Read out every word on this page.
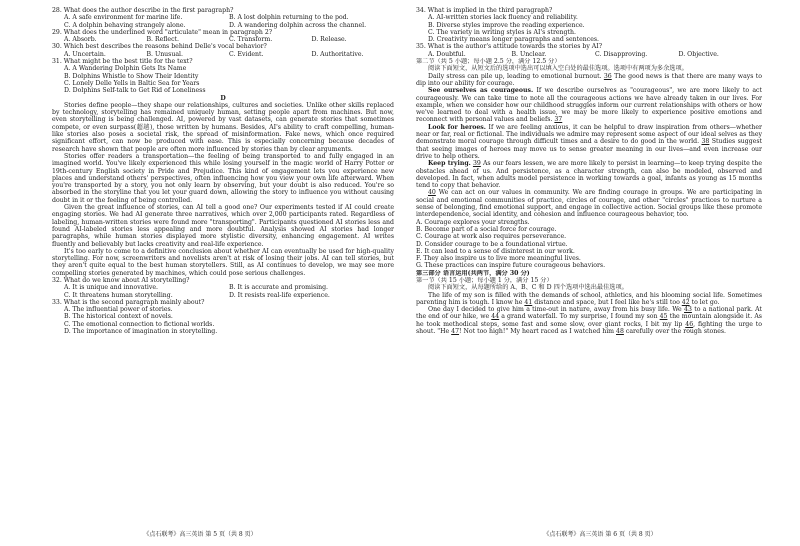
28. What does the author describe in the first paragraph?
A. A safe environment for marine life.	B. A lost dolphin returning to the pod.
C. A dolphin behaving strangely alone.	D. A wandering dolphin across the channel.
29. What does the underlined word "articulate" mean in paragraph 2?
A. Absorb.	B. Reflect.	C. Transform.	D. Release.
30. Which best describes the reasons behind Delle's vocal behavior?
A. Uncertain.	B. Unusual.	C. Evident.	D. Authoritative.
31. What might be the best title for the text?
A. A Wandering Dolphin Gets Its Name
B. Dolphins Whistle to Show Their Identity
C. Lonely Delle Yells in Baltic Sea for Years
D. Dolphins Self-talk to Get Rid of Loneliness
D

Stories define people—they shape our relationships, cultures and societies. Unlike other skills replaced by technology, storytelling has remained uniquely human, setting people apart from machines. But now, even storytelling is being challenged. AI, powered by vast datasets, can generate stories that sometimes compete, or even surpass(超越), those written by humans. Besides, AI's ability to craft compelling, human-like stories also poses a societal risk, the spread of misinformation. Fake news, which once required significant effort, can now be produced with ease. This is especially concerning because decades of research have shown that people are often more influenced by stories than by clear arguments.

Stories offer readers a transportation—the feeling of being transported to and fully engaged in an imagined world. You've likely experienced this while losing yourself in the magic world of Harry Potter or 19th-century English society in Pride and Prejudice. This kind of engagement lets you experience new places and understand others' perspectives, often influencing how you view your own life afterward. When you're transported by a story, you not only learn by observing, but your doubt is also reduced. You're so absorbed in the storyline that you let your guard down, allowing the story to influence you without causing doubt in it or the feeling of being controlled.

Given the great influence of stories, can AI tell a good one? Our experiments tested if AI could create engaging stories. We had AI generate three narratives, which over 2,000 participants rated. Regardless of labeling, human-written stories were found more "transporting". Participants questioned AI stories less and found AI-labeled stories less appealing and more doubtful. Analysis showed AI stories had longer paragraphs, while human stories displayed more stylistic diversity, enhancing engagement. AI writes fluently and believably but lacks creativity and real-life experience.

It's too early to come to a definitive conclusion about whether AI can eventually be used for high-quality storytelling. For now, screenwriters and novelists aren't at risk of losing their jobs. AI can tell stories, but they aren't quite equal to the best human storytellers. Still, as AI continues to develop, we may see more compelling stories generated by machines, which could pose serious challenges.

32. What do we know about AI storytelling?
A. It is unique and innovative.	B. It is accurate and promising.
C. It threatens human storytelling.	D. It resists real-life experience.
33. What is the second paragraph mainly about?
A. The influential power of stories.
B. The historical context of novels.
C. The emotional connection to fictional worlds.
D. The importance of imagination in storytelling.
《点石联考》高三英语 第 5 页（共 8 页）
34. What is implied in the third paragraph?
A. AI-written stories lack fluency and reliability.
B. Diverse styles improve the reading experience.
C. The variety in writing styles is AI's strength.
D. Creativity means longer paragraphs and sentences.
35. What is the author's attitude towards the stories by AI?
A. Doubtful.	B. Unclear.	C. Disapproving.	D. Objective.
第二节（共 5 小题；每小题 2.5 分，满分 12.5 分）

阅读下面短文，从短文后的选项中选出可以填入空白处的最佳选项。选项中有两项为多余选项。

Daily stress can pile up, leading to emotional burnout. 36 The good news is that there are many ways to dip into our ability for courage.

See ourselves as courageous. If we describe ourselves as "courageous", we are more likely to act courageously. We can take time to note all the courageous actions we have already taken in our lives. For example, when we consider how our childhood struggles inform our current relationships with others or how we've learned to deal with a health issue, we may be more likely to experience positive emotions and reconnect with personal values and beliefs. 37

Look for heroes. If we are feeling anxious, it can be helpful to draw inspiration from others—whether near or far, real or fictional. The individuals we admire may represent some aspect of our ideal selves as they demonstrate moral courage through difficult times and a desire to do good in the world. 38 Studies suggest that seeing images of heroes may move us to sense greater meaning in our lives—and even increase our drive to help others.

Keep trying. 39 As our fears lessen, we are more likely to persist in learning—to keep trying despite the obstacles ahead of us. And persistence, as a character strength, can also be modeled, observed and developed. In fact, when adults model persistence in working towards a goal, infants as young as 15 months tend to copy that behavior.

40 We can act on our values in community. We are finding courage in groups. We are participating in social and emotional communities of practice, circles of courage, and other "circles" practices to nurture a sense of belonging, find emotional support, and engage in collective action. Social groups like these promote interdependence, social identity, and cohesion and influence courageous behavior, too.

A. Courage explores your strengths.
B. Become part of a social force for courage.
C. Courage at work also requires perseverance.
D. Consider courage to be a foundational virtue.
E. It can lead to a sense of disinterest in our work.
F. They also inspire us to live more meaningful lives.
G. These practices can inspire future courageous behaviors.
第三部分 语言运用(共两节，满分 30 分)
第一节（共 15 小题；每小题 1 分，满分 15 分）

阅读下面短文，从每题所给的 A、B、C 和 D 四个选项中选出最佳选项。

The life of my son is filled with the demands of school, athletics, and his blooming social life. Sometimes parenting him is tough. I know he 41 distance and space, but I feel like he's still too 42 to let go.

One day I decided to give him a time-out in nature, away from his busy life. We 43 to a national park. At the end of our hike, we 44 a grand waterfall. To my surprise, I found my son 45 the mountain alongside it. As he took methodical steps, some fast and some slow, over giant rocks, I bit my lip 46, fighting the urge to shout. "He 47! Not too high!" My heart raced as I watched him 48 carefully over the rough stones.

《点石联考》高三英语 第 6 页（共 8 页）
